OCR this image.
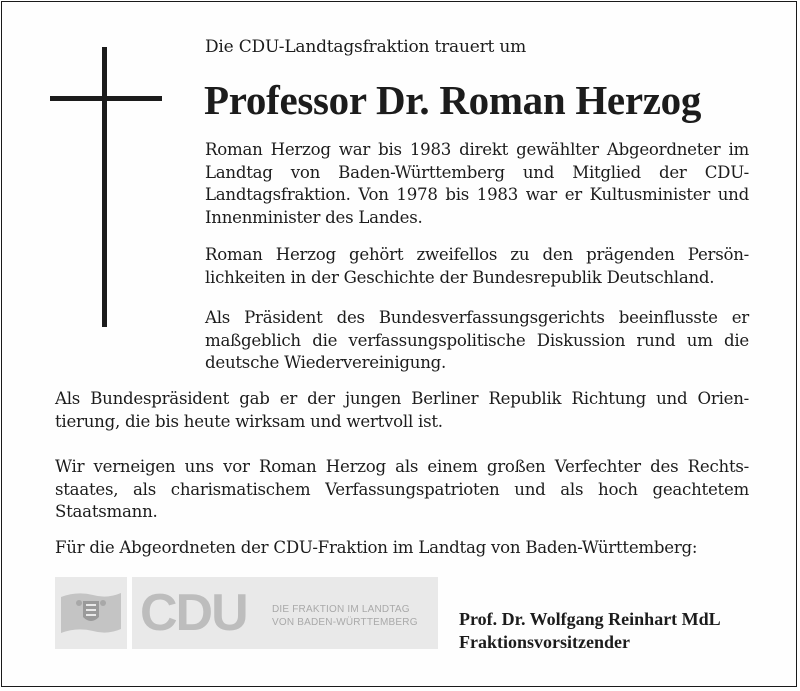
Die CDU-Landtagsfraktion trauert um
Professor Dr. Roman Herzog

Roman Herzog war bis 1983 direkt gewählter Abgeordneter im
Landtag von Baden-Württemberg und Mitglied der CDU-
Landtagsfraktion. Von 1978 bis 1983 war er Kultusminister und
Innenminister des Landes.

Roman Herzog gehört zweifellos zu den prägenden Persön-
lichkeiten in der Geschichte der Bundesrepublik Deutschland.

Als Präsident des Bundesverfassungsgerichts beeinflusste er
maßgeblich die verfassungspolitische Diskussion rund um die
deutsche Wiedervereinigung.

Als Bundespräsident gab er der jungen Berliner Republik Richtung und Orien-
tierung, die bis heute wirksam und wertvoll ist.

Wir verneigen uns vor Roman Herzog als einem großen Verfechter des Rechts-
staates, als charismatischem Verfassungspatrioten und als hoch geachtetem
Staatsmann.

Für die Abgeordneten der CDU-Fraktion im Landtag von Baden-Württemberg:

CDU	DIE FRAKTION IM LANDTAG
VON BADEN-WÜRTTEMBERG Prof. Dr. Wolfgang Reinhart MdL
Fraktionsvorsitzender
